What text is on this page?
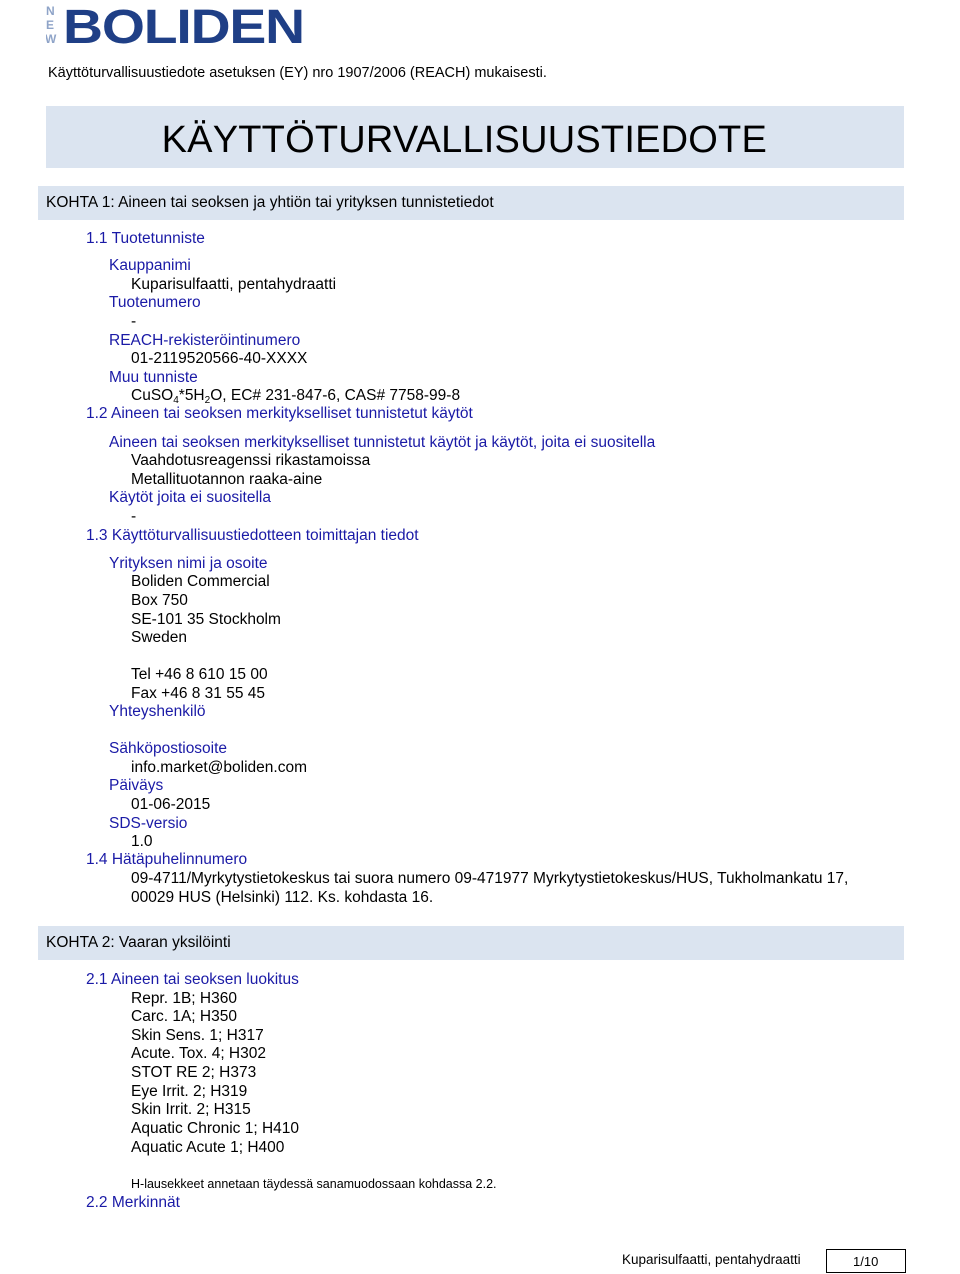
N
E
W BOLIDEN
Käyttöturvallisuustiedote asetuksen (EY) nro 1907/2006 (REACH) mukaisesti.
KÄYTTÖTURVALLISUUSTIEDOTE
KOHTA 1: Aineen tai seoksen ja yhtiön tai yrityksen tunnistetiedot
1.1 Tuotetunniste
Kauppanimi
Kuparisulfaatti, pentahydraatti
Tuotenumero
-
REACH-rekisteröintinumero
01-2119520566-40-XXXX
Muu tunniste
$CuSO_4*5H_2O$, EC# 231-847-6, CAS# 7758-99-8
1.2 Aineen tai seoksen merkitykselliset tunnistetut käytöt
Aineen tai seoksen merkitykselliset tunnistetut käytöt ja käytöt, joita ei suositella
Vaahdotusreagenssi rikastamoissa
Metallituotannon raaka-aine
Käytöt joita ei suositella
-
1.3 Käyttöturvallisuustiedotteen toimittajan tiedot
Yrityksen nimi ja osoite
Boliden Commercial
Box 750
SE-101 35 Stockholm
Sweden
Tel +46 8 610 15 00
Fax +46 8 31 55 45
Yhteyshenkilö
Sähköpostiosoite
info.market@boliden.com
Päiväys
01-06-2015
SDS-versio
1.0
1.4 Hätäpuhelinnumero
09-4711/Myrkytystietokeskus tai suora numero 09-471977 Myrkytystietokeskus/HUS, Tukholmankatu 17,
00029 HUS (Helsinki) 112. Ks. kohdasta 16.
KOHTA 2: Vaaran yksilöinti
2.1 Aineen tai seoksen luokitus
Repr. 1B; H360
Carc. 1A; H350
Skin Sens. 1; H317
Acute. Tox. 4; H302
STOT RE 2; H373
Eye Irrit. 2; H319
Skin Irrit. 2; H315
Aquatic Chronic 1; H410
Aquatic Acute 1; H400
H-lausekkeet annetaan täydessä sanamuodossaan kohdassa 2.2.
2.2 Merkinnät
Kuparisulfaatti, pentahydraatti	1/10
